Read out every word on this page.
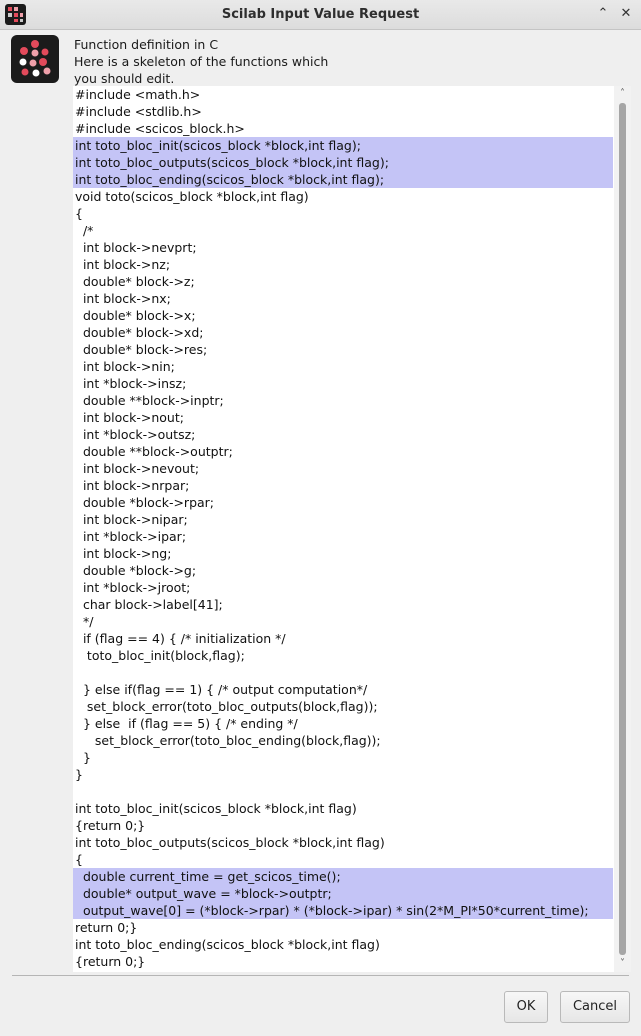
Scilab Input Value Request	⌃ ✕
Function definition in C
Here is a skeleton of the functions which
you should edit.
#include <math.h>
#include <stdlib.h>
#include <scicos_block.h>
int toto_bloc_init(scicos_block *block,int flag);
int toto_bloc_outputs(scicos_block *block,int flag);
int toto_bloc_ending(scicos_block *block,int flag);
void toto(scicos_block *block,int flag)
{
/*
int block->nevprt;
int block->nz;
double* block->z;
int block->nx;
double* block->x;
double* block->xd;
double* block->res;
int block->nin;
int *block->insz;
double **block->inptr;
int block->nout;
int *block->outsz;
double **block->outptr;
int block->nevout;
int block->nrpar;
double *block->rpar;
int block->nipar;
int *block->ipar;
int block->ng;
double *block->g;
int *block->jroot;
char block->label[41];
*/
if (flag == 4) { /* initialization */
toto_bloc_init(block,flag);
} else if(flag == 1) { /* output computation*/
set_block_error(toto_bloc_outputs(block,flag));
} else  if (flag == 5) { /* ending */
set_block_error(toto_bloc_ending(block,flag));
}
}
int toto_bloc_init(scicos_block *block,int flag)
{return 0;}
int toto_bloc_outputs(scicos_block *block,int flag)
{
double current_time = get_scicos_time();
double* output_wave = *block->outptr;
output_wave[0] = (*block->rpar) * (*block->ipar) * sin(2*M_PI*50*current_time);
return 0;}
int toto_bloc_ending(scicos_block *block,int flag)
{return 0;}
˄
˅
OK	Cancel
